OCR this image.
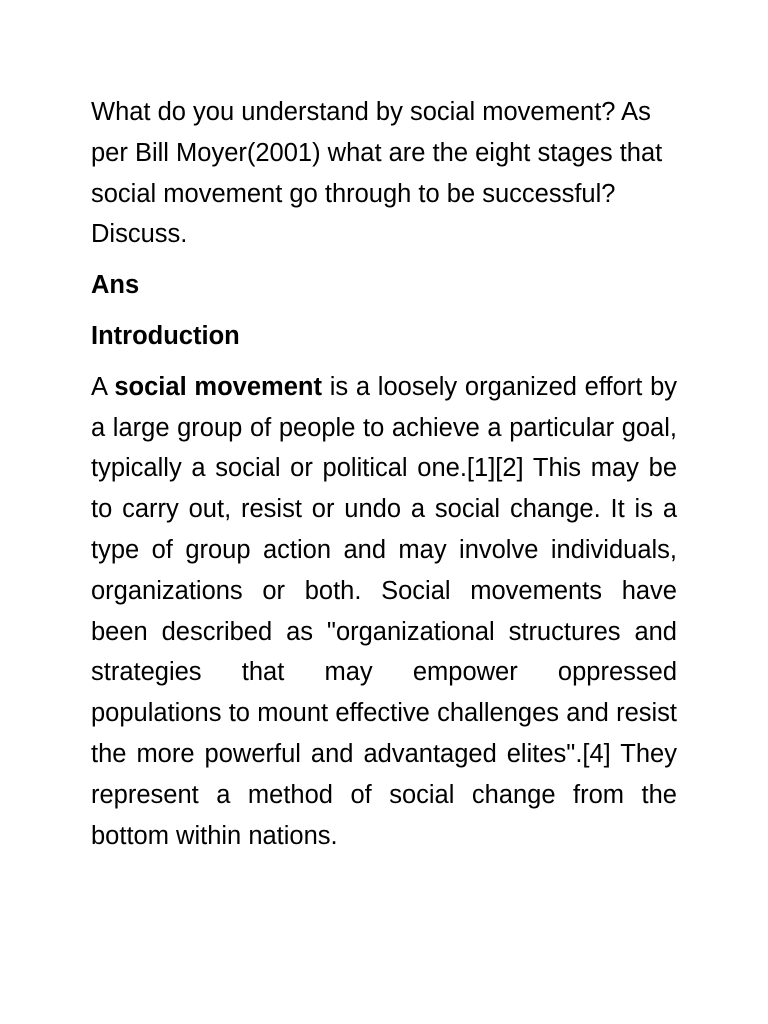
What do you understand by social movement? As per Bill Moyer(2001) what are the eight stages that social movement go through to be successful? Discuss.

Ans

Introduction

A social movement is a loosely organized effort by a large group of people to achieve a particular goal, typically a social or political one.[1][2] This may be to carry out, resist or undo a social change. It is a type of group action and may involve individuals, organizations or both. Social movements have been described as "organizational structures and strategies that may empower oppressed populations to mount effective challenges and resist the more powerful and advantaged elites".[4] They represent a method of social change from the bottom within nations.
